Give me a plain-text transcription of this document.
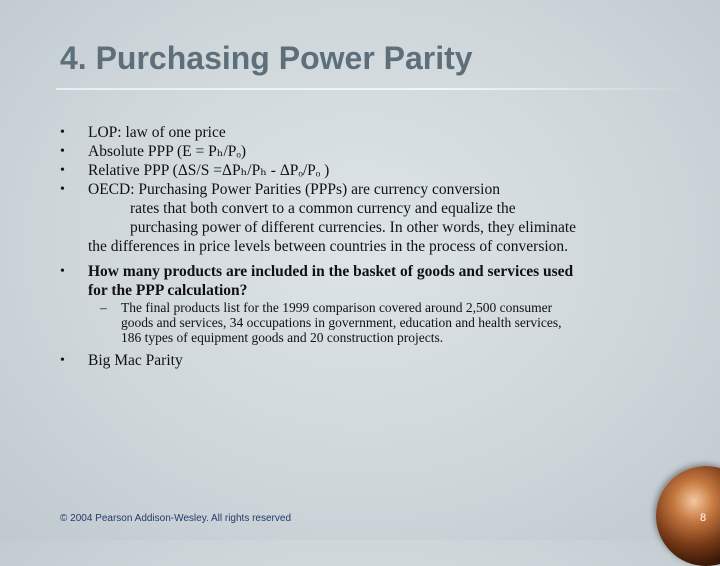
4. Purchasing Power Parity
• LOP: law of one price
• Absolute PPP (E = Pₕ/Pₒ)
• Relative PPP (ΔS/S =ΔPₕ/Pₕ - ΔPₒ/Pₒ )
• OECD: Purchasing Power Parities (PPPs) are currency conversion
rates that both convert to a common currency and equalize the
purchasing power of different currencies. In other words, they eliminate
the differences in price levels between countries in the process of conversion.
• How many products are included in the basket of goods and services used
for the PPP calculation?
– The final products list for the 1999 comparison covered around 2,500 consumer
goods and services, 34 occupations in government, education and health services,
186 types of equipment goods and 20 construction projects.
• Big Mac Parity
© 2004 Pearson Addison-Wesley. All rights reserved	8
